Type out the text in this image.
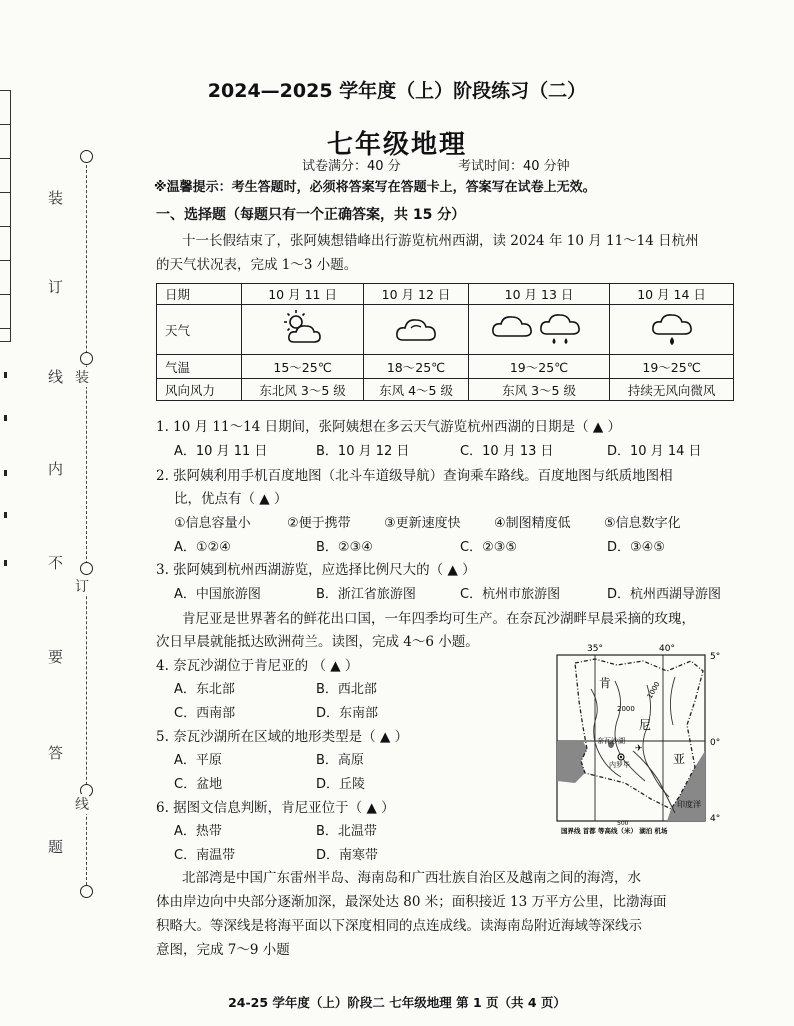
装
订
线
内
不
要
答
题
装
订
线
2024—2025 学年度（上）阶段练习（二）
七年级地理
试卷满分：40 分	考试时间：40 分钟
※温馨提示：考生答题时，必须将答案写在答题卡上，答案写在试卷上无效。
一、选择题（每题只有一个正确答案，共 15 分）
十一长假结束了，张阿姨想错峰出行游览杭州西湖，读 2024 年 10 月 11～14 日杭州
的天气状况表，完成 1～3 小题。
日期	10 月 11 日	10 月 12 日	10 月 13 日	10 月 14 日
天气				
气温	15～25℃	18～25℃	19～25℃	19～25℃
风向风力	东北风 3～5 级	东风 4～5 级	东风 3～5 级	持续无风向微风
1. 10 月 11～14 日期间，张阿姨想在多云天气游览杭州西湖的日期是（ ▲ ）
A．10 月 11 日	B．10 月 12 日	C．10 月 13 日	D．10 月 14 日
2. 张阿姨利用手机百度地图（北斗车道级导航）查询乘车路线。百度地图与纸质地图相
比，优点有（ ▲ ）
①信息容量小	②便于携带	③更新速度快	④制图精度低	⑤信息数字化
A．①②④	B．②③④	C．②③⑤	D．③④⑤
3. 张阿姨到杭州西湖游览，应选择比例尺大的（ ▲ ）
A．中国旅游图	B．浙江省旅游图	C．杭州市旅游图	D．杭州西湖导游图
肯尼亚是世界著名的鲜花出口国，一年四季均可生产。在奈瓦沙湖畔早晨采摘的玫瑰，
次日早晨就能抵达欧洲荷兰。读图，完成 4～6 小题。
4. 奈瓦沙湖位于肯尼亚的 （ ▲ ）
A．东北部	B．西北部
C．西南部	D．东南部
5. 奈瓦沙湖所在区域的地形类型是（ ▲ ）
A．平原	B．高原
C．盆地	D．丘陵
6. 据图文信息判断，肯尼亚位于（ ▲ ）
A．热带	B．北温带
C．南温带	D．南寒带
✈
35°	40°
5°
0°
4°
肯
尼
亚
1000
2000
奈瓦沙湖
内罗毕
印度洋
国界线 首都 等高线（米） 湖泊 机场
500
北部湾是中国广东雷州半岛、海南岛和广西壮族自治区及越南之间的海湾，水
体由岸边向中央部分逐渐加深，最深处达 80 米；面积接近 13 万平方公里，比渤海面
积略大。等深线是将海平面以下深度相同的点连成线。读海南岛附近海域等深线示
意图，完成 7～9 小题
24-25 学年度（上）阶段二 七年级地理 第 1 页（共 4 页）
